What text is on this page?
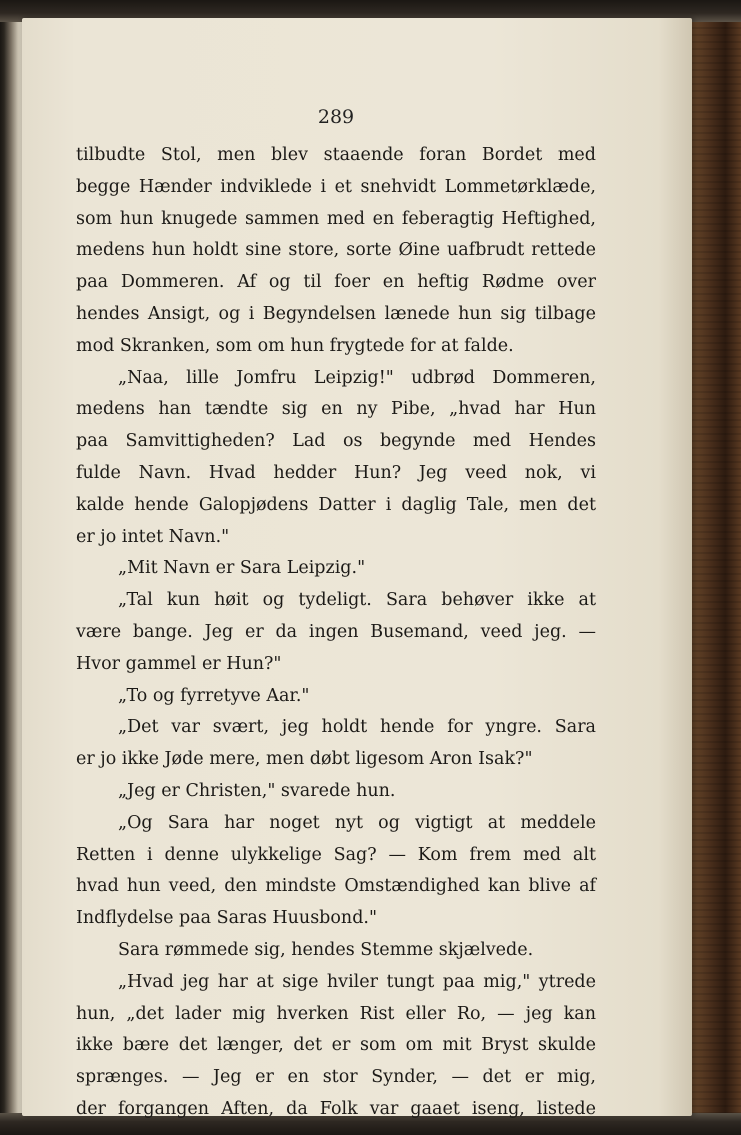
289
tilbudte Stol, men blev staaende foran Bordet med
begge Hænder indviklede i et snehvidt Lommetørklæde,
som hun knugede sammen med en feberagtig Heftighed,
medens hun holdt sine store, sorte Øine uafbrudt rettede
paa Dommeren. Af og til foer en heftig Rødme over
hendes Ansigt, og i Begyndelsen lænede hun sig tilbage
mod Skranken, som om hun frygtede for at falde.
„Naa, lille Jomfru Leipzig!" udbrød Dommeren,
medens han tændte sig en ny Pibe, „hvad har Hun
paa Samvittigheden? Lad os begynde med Hendes
fulde Navn. Hvad hedder Hun? Jeg veed nok, vi
kalde hende Galopjødens Datter i daglig Tale, men det
er jo intet Navn."
„Mit Navn er Sara Leipzig."
„Tal kun høit og tydeligt. Sara behøver ikke at
være bange. Jeg er da ingen Busemand, veed jeg. —
Hvor gammel er Hun?"
„To og fyrretyve Aar."
„Det var svært, jeg holdt hende for yngre. Sara
er jo ikke Jøde mere, men døbt ligesom Aron Isak?"
„Jeg er Christen," svarede hun.
„Og Sara har noget nyt og vigtigt at meddele
Retten i denne ulykkelige Sag? — Kom frem med alt
hvad hun veed, den mindste Omstændighed kan blive af
Indflydelse paa Saras Huusbond."
Sara rømmede sig, hendes Stemme skjælvede.
„Hvad jeg har at sige hviler tungt paa mig," ytrede
hun, „det lader mig hverken Rist eller Ro, — jeg kan
ikke bære det længer, det er som om mit Bryst skulde
sprænges. — Jeg er en stor Synder, — det er mig,
der forgangen Aften, da Folk var gaaet iseng, listede
